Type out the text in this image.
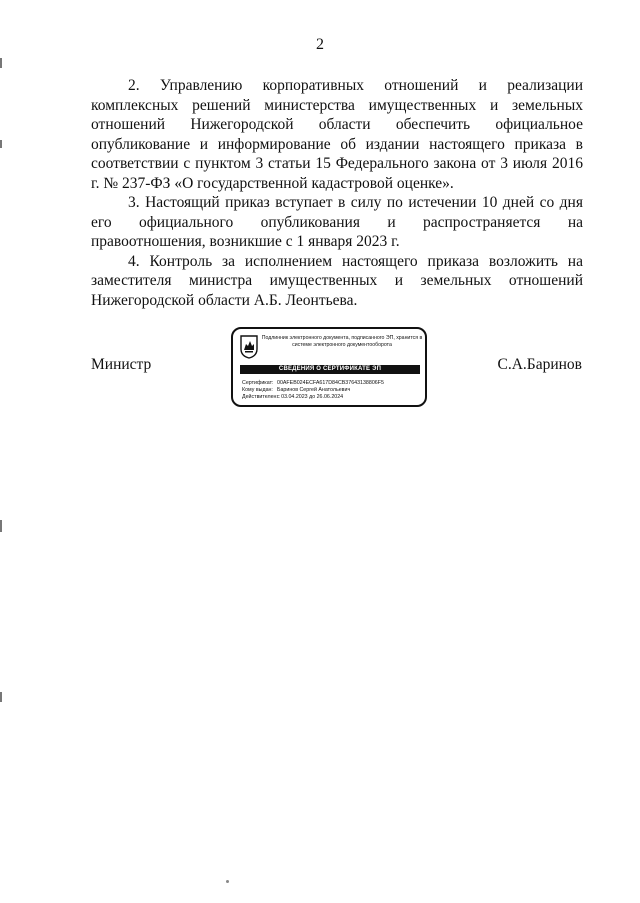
2

2. Управлению корпоративных отношений и реализации комплексных решений министерства имущественных и земельных отношений Нижегородской области обеспечить официальное опубликование и информирование об издании настоящего приказа в соответствии с пунктом 3 статьи 15 Федерального закона от 3 июля 2016 г. № 237-ФЗ «О государственной кадастровой оценке».

3. Настоящий приказ вступает в силу по истечении 10 дней со дня его официального опубликования и распространяется на правоотношения, возникшие с 1 января 2023 г.

4. Контроль за исполнением настоящего приказа возложить на заместителя министра имущественных и земельных отношений Нижегородской области А.Б. Леонтьева.

Министр
Подлинник электронного документа, подписанного ЭП, хранится в системе электронного документооборота
СВЕДЕНИЯ О СЕРТИФИКАТЕ ЭП
Сертификат: 00AFEB024ECFA617D84CB37643138806F5
Кому выдан: Баринов Сергей Анатольевич
Действителен:с 03.04.2023 до 26.06.2024
С.А.Баринов
